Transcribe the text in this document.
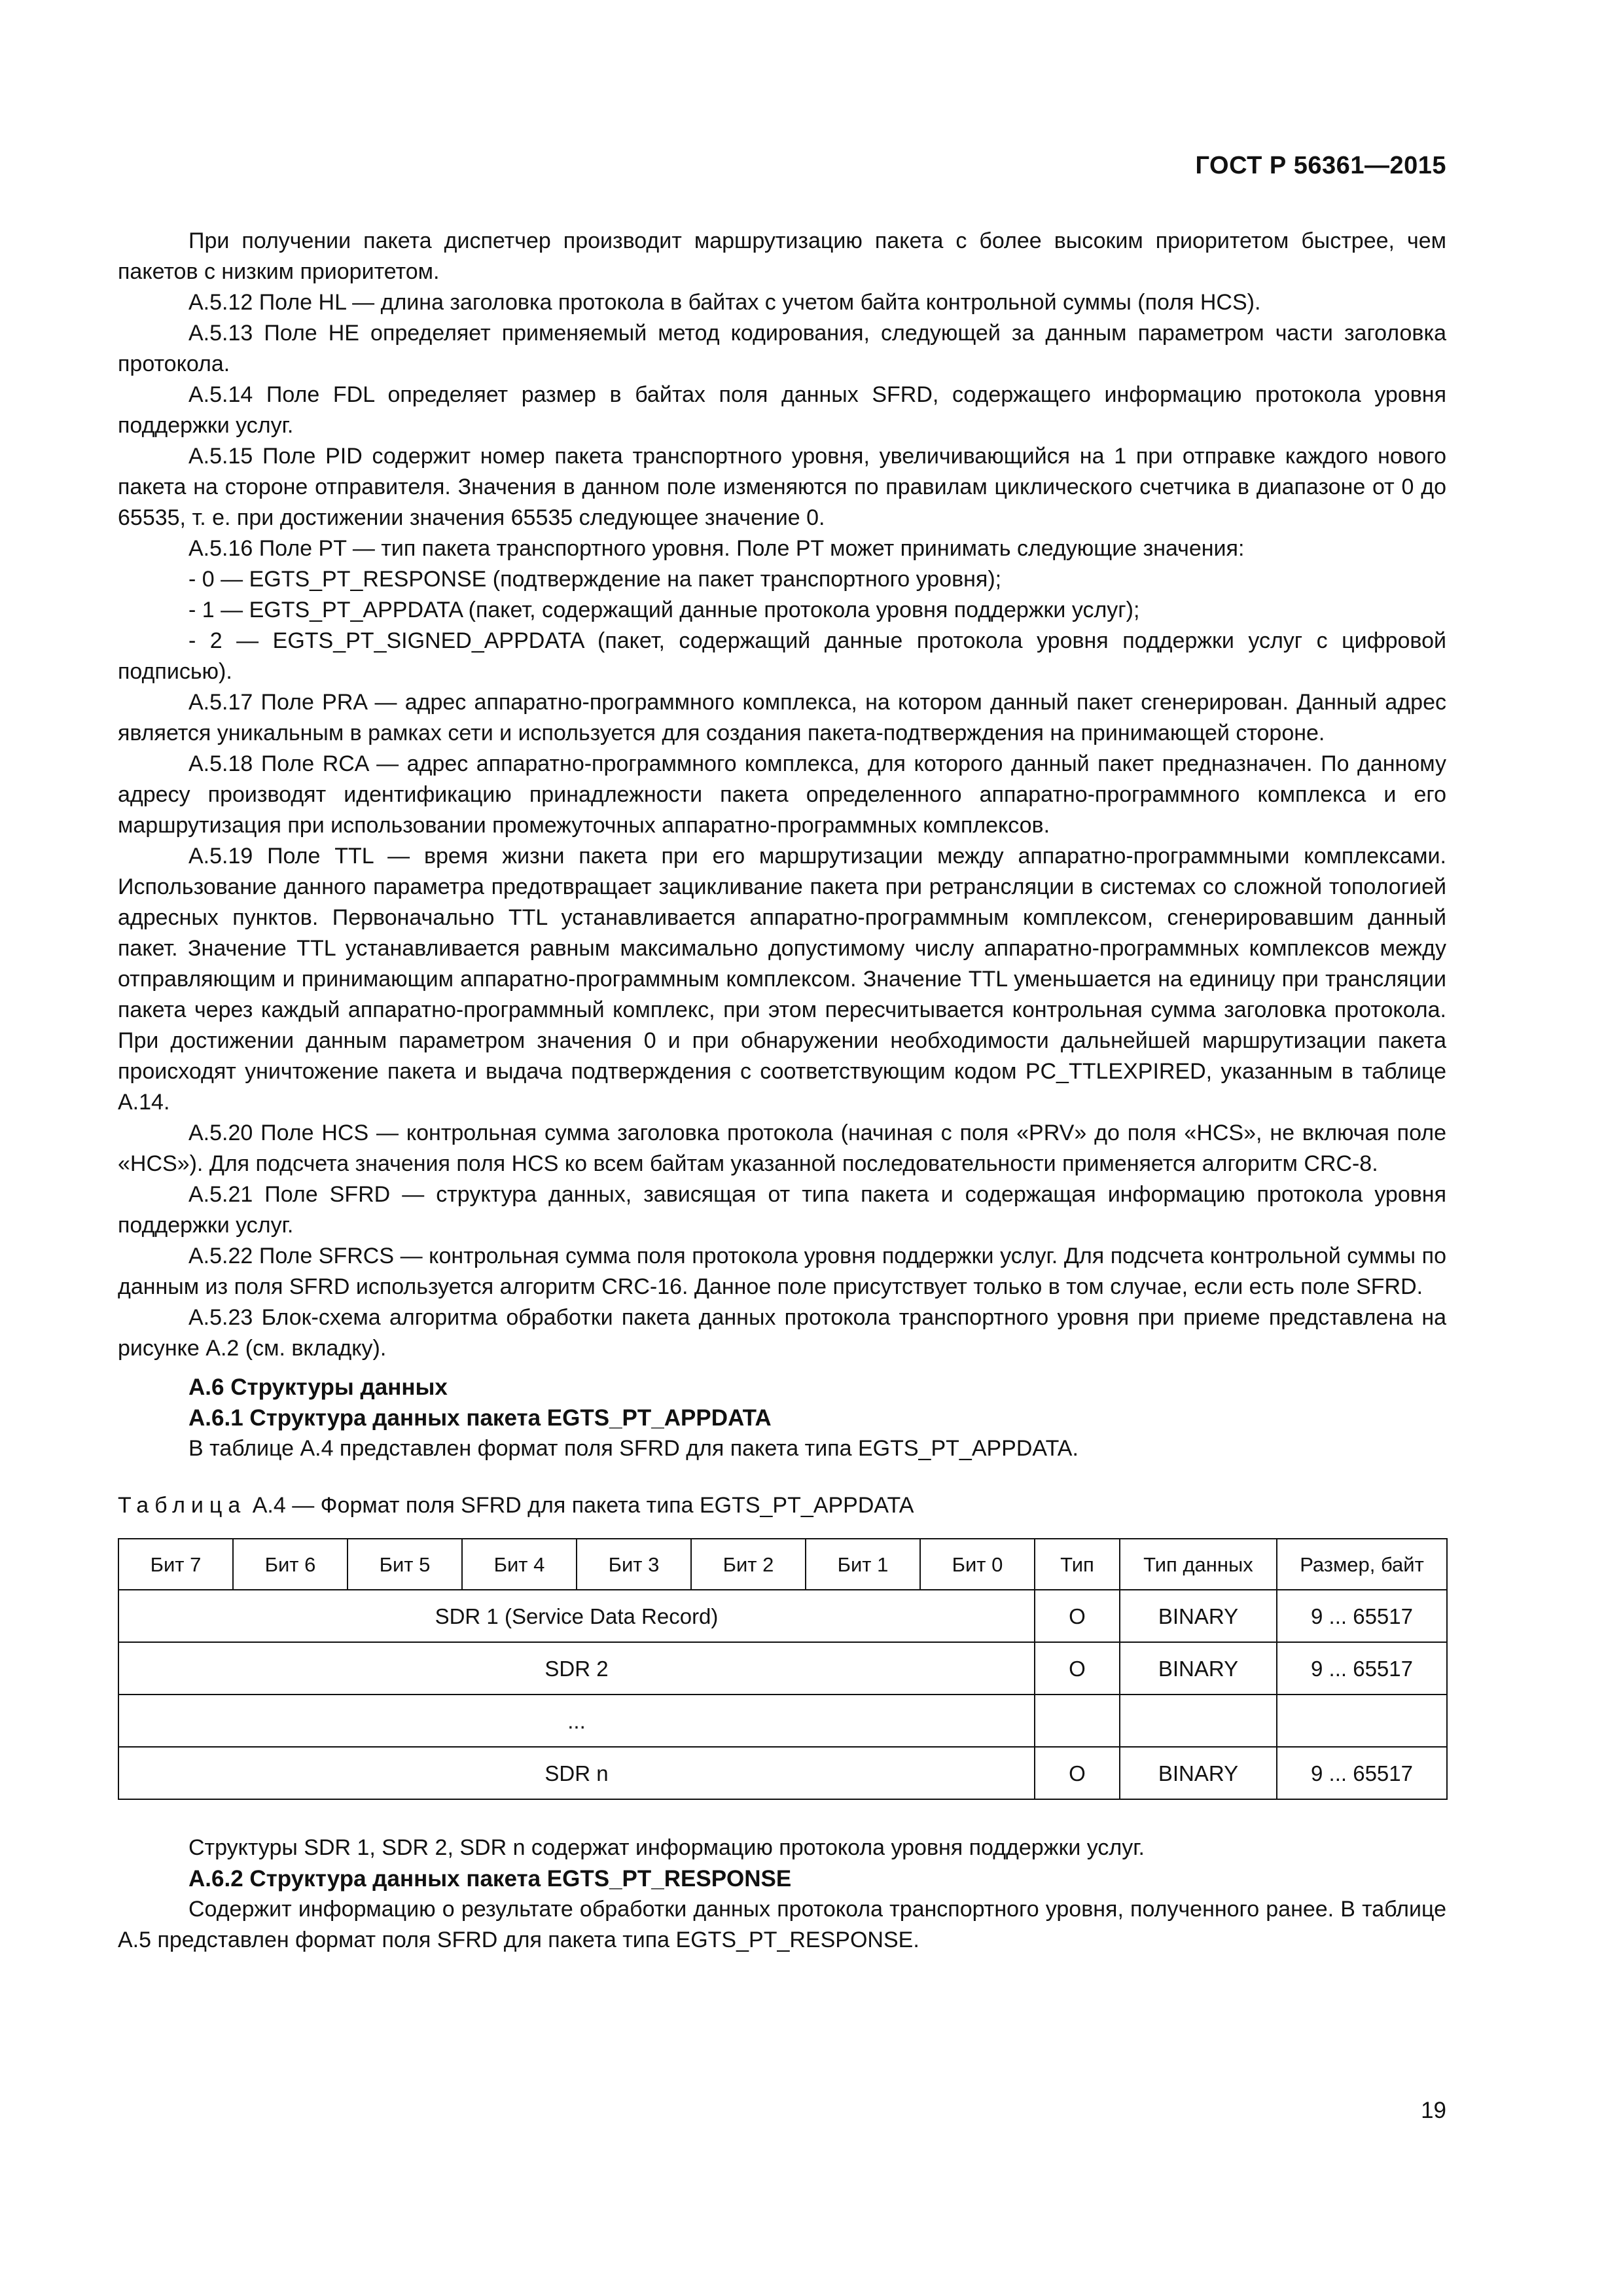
ГОСТ Р 56361—2015

При получении пакета диспетчер производит маршрутизацию пакета с более высоким приоритетом быстрее, чем пакетов с низким приоритетом.

А.5.12 Поле HL — длина заголовка протокола в байтах с учетом байта контрольной суммы (поля HCS).

А.5.13 Поле HE определяет применяемый метод кодирования, следующей за данным параметром части заголовка протокола.

А.5.14 Поле FDL определяет размер в байтах поля данных SFRD, содержащего информацию протокола уровня поддержки услуг.

А.5.15 Поле PID содержит номер пакета транспортного уровня, увеличивающийся на 1 при отправке каждого нового пакета на стороне отправителя. Значения в данном поле изменяются по правилам циклического счетчика в диапазоне от 0 до 65535, т. е. при достижении значения 65535 следующее значение 0.

А.5.16 Поле PT — тип пакета транспортного уровня. Поле PT может принимать следующие значения:

- 0 — EGTS_PT_RESPONSE (подтверждение на пакет транспортного уровня);

- 1 — EGTS_PT_APPDATA (пакет, содержащий данные протокола уровня поддержки услуг);

- 2 — EGTS_PT_SIGNED_APPDATA (пакет, содержащий данные протокола уровня поддержки услуг с цифровой подписью).

А.5.17 Поле PRA — адрес аппаратно-программного комплекса, на котором данный пакет сгенерирован. Данный адрес является уникальным в рамках сети и используется для создания пакета-подтверждения на принимающей стороне.

А.5.18 Поле RCA — адрес аппаратно-программного комплекса, для которого данный пакет предназначен. По данному адресу производят идентификацию принадлежности пакета определенного аппаратно-программного комплекса и его маршрутизация при использовании промежуточных аппаратно-программных комплексов.

А.5.19 Поле TTL — время жизни пакета при его маршрутизации между аппаратно-программными комплексами. Использование данного параметра предотвращает зацикливание пакета при ретрансляции в системах со сложной топологией адресных пунктов. Первоначально TTL устанавливается аппаратно-программным комплексом, сгенерировавшим данный пакет. Значение TTL устанавливается равным максимально допустимому числу аппаратно-программных комплексов между отправляющим и принимающим аппаратно-программным комплексом. Значение TTL уменьшается на единицу при трансляции пакета через каждый аппаратно-программный комплекс, при этом пересчитывается контрольная сумма заголовка протокола. При достижении данным параметром значения 0 и при обнаружении необходимости дальнейшей маршрутизации пакета происходят уничтожение пакета и выдача подтверждения с соответствующим кодом PC_TTLEXPIRED, указанным в таблице А.14.

А.5.20 Поле HCS — контрольная сумма заголовка протокола (начиная с поля «PRV» до поля «HCS», не включая поле «HCS»). Для подсчета значения поля HCS ко всем байтам указанной последовательности применяется алгоритм CRC-8.

А.5.21 Поле SFRD — структура данных, зависящая от типа пакета и содержащая информацию протокола уровня поддержки услуг.

А.5.22 Поле SFRCS — контрольная сумма поля протокола уровня поддержки услуг. Для подсчета контрольной суммы по данным из поля SFRD используется алгоритм CRC-16. Данное поле присутствует только в том случае, если есть поле SFRD.

А.5.23 Блок-схема алгоритма обработки пакета данных протокола транспортного уровня при приеме представлена на рисунке А.2 (см. вкладку).

А.6 Структуры данных

А.6.1 Структура данных пакета EGTS_PT_APPDATA

В таблице А.4 представлен формат поля SFRD для пакета типа EGTS_PT_APPDATA.

Таблица А.4 — Формат поля SFRD для пакета типа EGTS_PT_APPDATA

Бит 7	Бит 6	Бит 5	Бит 4	Бит 3	Бит 2	Бит 1	Бит 0	Тип	Тип данных	Размер, байт
SDR 1 (Service Data Record)								O	BINARY	9 ... 65517
SDR 2								O	BINARY	9 ... 65517
...										
SDR n								O	BINARY	9 ... 65517

Структуры SDR 1, SDR 2, SDR n содержат информацию протокола уровня поддержки услуг.

А.6.2 Структура данных пакета EGTS_PT_RESPONSE

Содержит информацию о результате обработки данных протокола транспортного уровня, полученного ранее. В таблице А.5 представлен формат поля SFRD для пакета типа EGTS_PT_RESPONSE.

19
